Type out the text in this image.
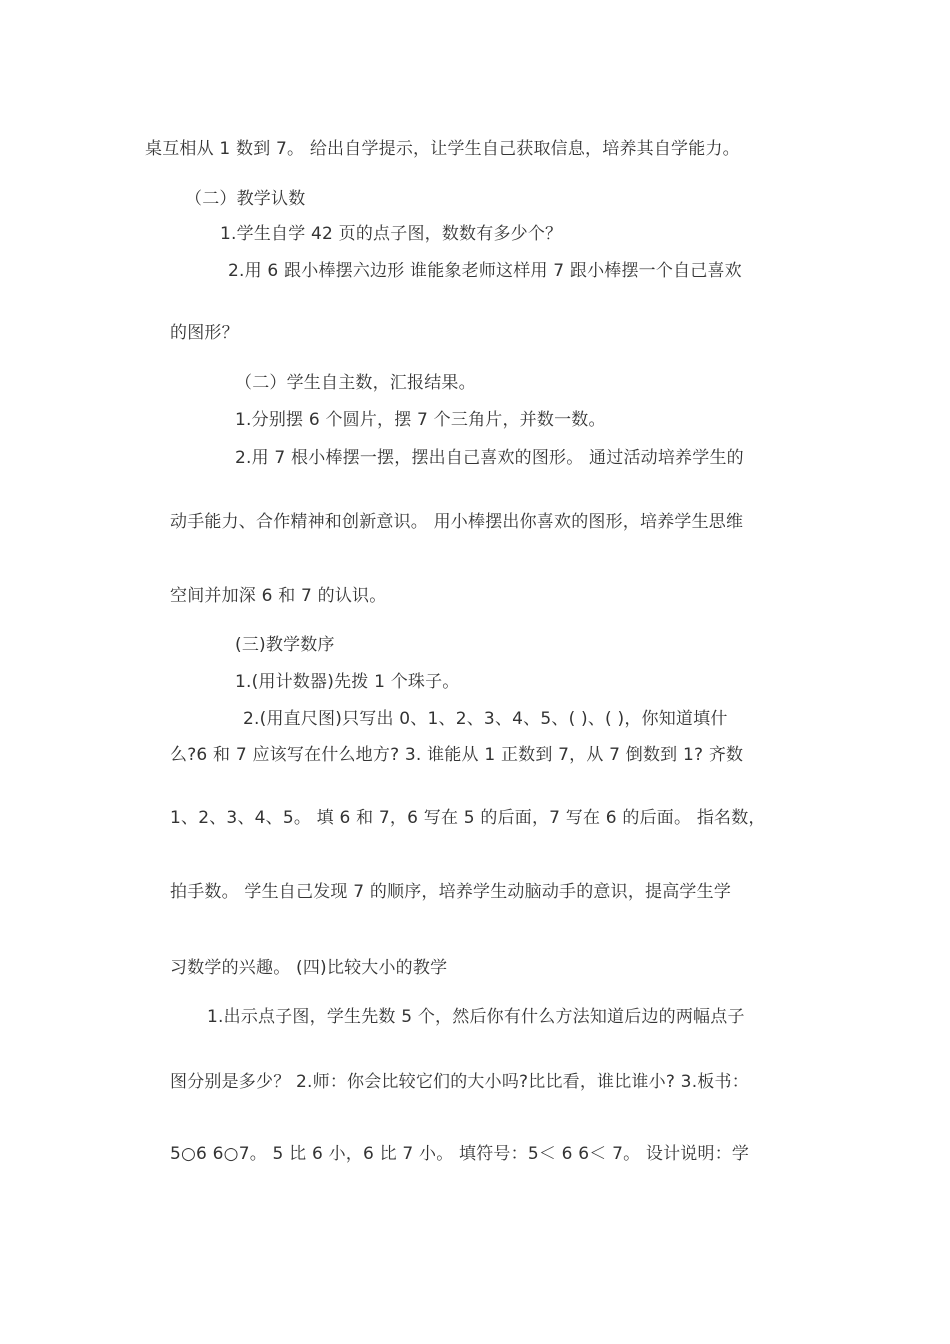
桌互相从 1 数到 7。 给出自学提示，让学生自己获取信息，培养其自学能力。
（二）教学认数
1.学生自学 42 页的点子图，数数有多少个？
2.用 6 跟小棒摆六边形 谁能象老师这样用 7 跟小棒摆一个自己喜欢
的图形？
（二）学生自主数，汇报结果。
1.分别摆 6 个圆片，摆 7 个三角片，并数一数。
2.用 7 根小棒摆一摆，摆出自己喜欢的图形。 通过活动培养学生的
动手能力、合作精神和创新意识。 用小棒摆出你喜欢的图形，培养学生思维
空间并加深 6 和 7 的认识。
(三)教学数序
1.(用计数器)先拨 1 个珠子。
2.(用直尺图)只写出 0、1、2、3、4、5、( )、( )，你知道填什
么?6 和 7 应该写在什么地方? 3. 谁能从 1 正数到 7，从 7 倒数到 1? 齐数
1、2、3、4、5。 填 6 和 7，6 写在 5 的后面，7 写在 6 的后面。 指名数，
拍手数。 学生自己发现 7 的顺序，培养学生动脑动手的意识，提高学生学
习数学的兴趣。 (四)比较大小的教学
1.出示点子图，学生先数 5 个，然后你有什么方法知道后边的两幅点子
图分别是多少？ 2.师：你会比较它们的大小吗?比比看，谁比谁小? 3.板书：
5○6 6○7。 5 比 6 小，6 比 7 小。 填符号：5＜ 6 6＜ 7。 设计说明：学
